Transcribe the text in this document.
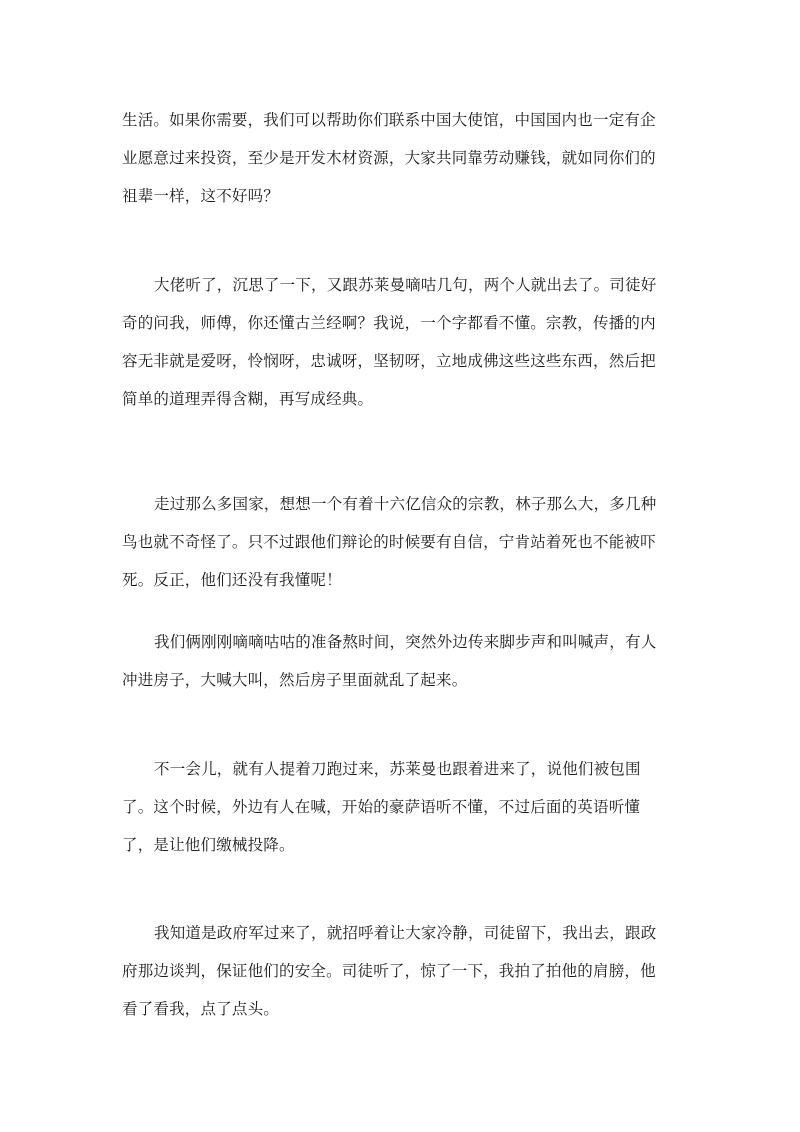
生活。如果你需要，我们可以帮助你们联系中国大使馆，中国国内也一定有企
业愿意过来投资，至少是开发木材资源，大家共同靠劳动赚钱，就如同你们的
祖辈一样，这不好吗？

大佬听了，沉思了一下，又跟苏莱曼嘀咕几句，两个人就出去了。司徒好
奇的问我，师傅，你还懂古兰经啊？我说，一个字都看不懂。宗教，传播的内
容无非就是爱呀，怜悯呀，忠诚呀，坚韧呀，立地成佛这些这些东西，然后把
简单的道理弄得含糊，再写成经典。

走过那么多国家，想想一个有着十六亿信众的宗教，林子那么大，多几种
鸟也就不奇怪了。只不过跟他们辩论的时候要有自信，宁肯站着死也不能被吓
死。反正，他们还没有我懂呢！

我们俩刚刚嘀嘀咕咕的准备熬时间，突然外边传来脚步声和叫喊声，有人
冲进房子，大喊大叫，然后房子里面就乱了起来。

不一会儿，就有人提着刀跑过来，苏莱曼也跟着进来了，说他们被包围
了。这个时候，外边有人在喊，开始的豪萨语听不懂，不过后面的英语听懂
了，是让他们缴械投降。

我知道是政府军过来了，就招呼着让大家冷静，司徒留下，我出去，跟政
府那边谈判，保证他们的安全。司徒听了，惊了一下，我拍了拍他的肩膀，他
看了看我，点了点头。
